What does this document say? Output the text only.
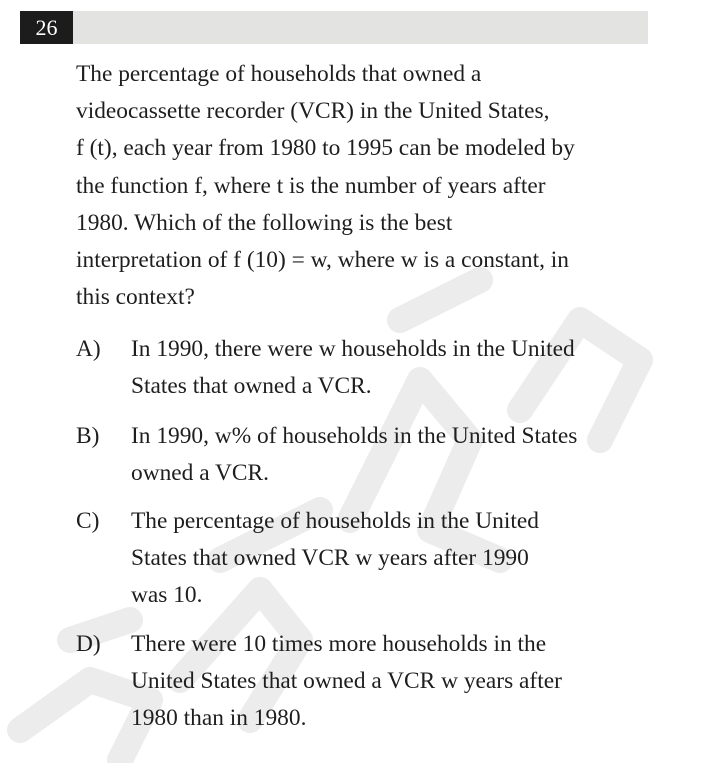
26
The percentage of households that owned a
videocassette recorder (VCR) in the United States,
f (t), each year from 1980 to 1995 can be modeled by
the function f, where t is the number of years after
1980. Which of the following is the best
interpretation of f (10) = w, where w is a constant, in
this context?
A) In 1990, there were w households in the United
States that owned a VCR.
B) In 1990, w% of households in the United States
owned a VCR.
C) The percentage of households in the United
States that owned VCR w years after 1990
was 10.
D) There were 10 times more households in the
United States that owned a VCR w years after
1980 than in 1980.
